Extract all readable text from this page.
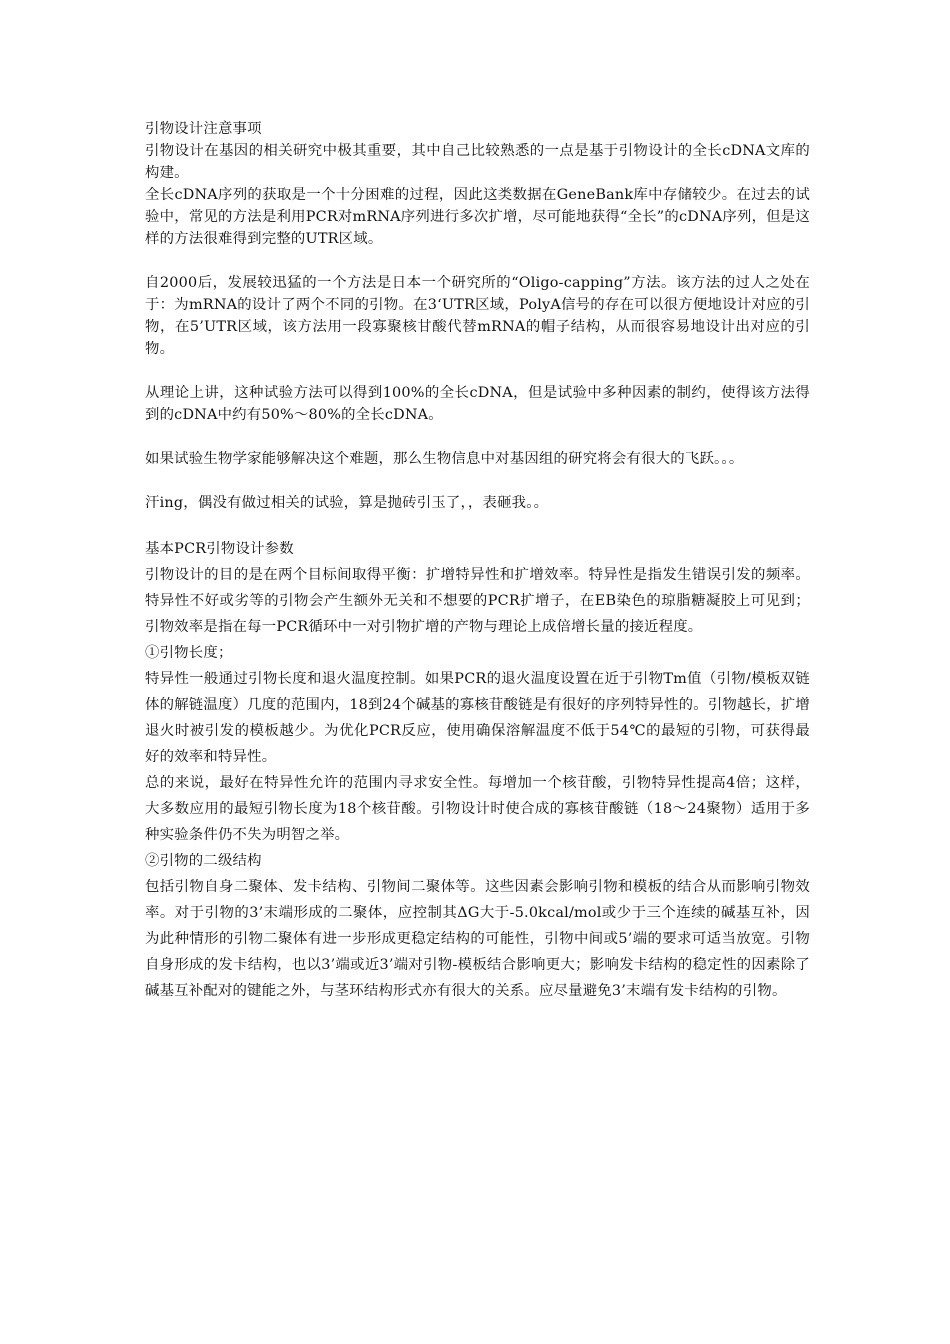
引物设计注意事项

引物设计在基因的相关研究中极其重要，其中自己比较熟悉的一点是基于引物设计的全长cDNA文库的构建。

全长cDNA序列的获取是一个十分困难的过程，因此这类数据在GeneBank库中存储较少。在过去的试验中，常见的方法是利用PCR对mRNA序列进行多次扩增，尽可能地获得“全长”的cDNA序列，但是这样的方法很难得到完整的UTR区域。

自2000后，发展较迅猛的一个方法是日本一个研究所的“Oligo-capping”方法。该方法的过人之处在于：为mRNA的设计了两个不同的引物。在3‘UTR区域，PolyA信号的存在可以很方便地设计对应的引物，在5’UTR区域，该方法用一段寡聚核甘酸代替mRNA的帽子结构，从而很容易地设计出对应的引物。

从理论上讲，这种试验方法可以得到100%的全长cDNA，但是试验中多种因素的制约，使得该方法得到的cDNA中约有50%～80%的全长cDNA。

如果试验生物学家能够解决这个难题，那么生物信息中对基因组的研究将会有很大的飞跃。。。

汗ing，偶没有做过相关的试验，算是抛砖引玉了，，表砸我。。

基本PCR引物设计参数

引物设计的目的是在两个目标间取得平衡：扩增特异性和扩增效率。特异性是指发生错误引发的频率。特异性不好或劣等的引物会产生额外无关和不想要的PCR扩增子，在EB染色的琼脂糖凝胶上可见到；引物效率是指在每一PCR循环中一对引物扩增的产物与理论上成倍增长量的接近程度。

①引物长度；

特异性一般通过引物长度和退火温度控制。如果PCR的退火温度设置在近于引物Tm值（引物/模板双链体的解链温度）几度的范围内，18到24个碱基的寡核苷酸链是有很好的序列特异性的。引物越长，扩增退火时被引发的模板越少。为优化PCR反应，使用确保溶解温度不低于54℃的最短的引物，可获得最好的效率和特异性。

总的来说，最好在特异性允许的范围内寻求安全性。每增加一个核苷酸，引物特异性提高4倍；这样，大多数应用的最短引物长度为18个核苷酸。引物设计时使合成的寡核苷酸链（18～24聚物）适用于多种实验条件仍不失为明智之举。

②引物的二级结构

包括引物自身二聚体、发卡结构、引物间二聚体等。这些因素会影响引物和模板的结合从而影响引物效率。对于引物的3’末端形成的二聚体，应控制其ΔG大于-5.0kcal/mol或少于三个连续的碱基互补，因为此种情形的引物二聚体有进一步形成更稳定结构的可能性，引物中间或5’端的要求可适当放宽。引物自身形成的发卡结构，也以3’端或近3’端对引物-模板结合影响更大；影响发卡结构的稳定性的因素除了碱基互补配对的键能之外，与茎环结构形式亦有很大的关系。应尽量避免3’末端有发卡结构的引物。
